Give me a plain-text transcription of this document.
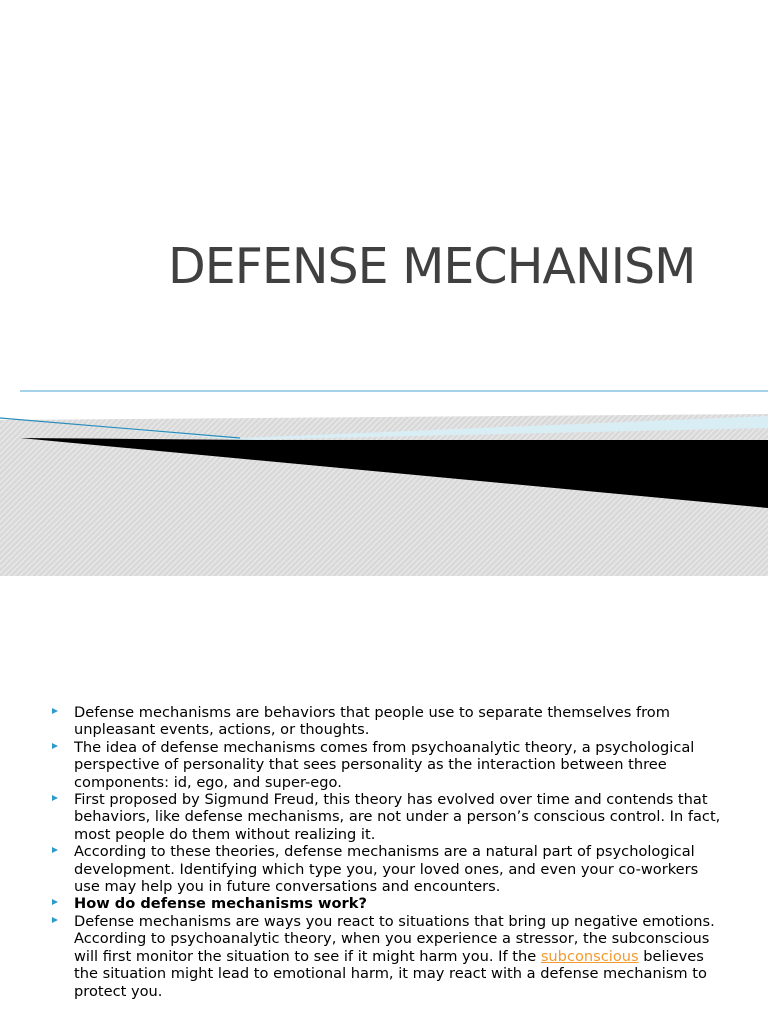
DEFENSE MECHANISM
Defense mechanisms are behaviors that people use to separate themselves from unpleasant events, actions, or thoughts.
The idea of defense mechanisms comes from psychoanalytic theory, a psychological perspective of personality that sees personality as the interaction between three components: id, ego, and super-ego.
First proposed by Sigmund Freud, this theory has evolved over time and contends that behaviors, like defense mechanisms, are not under a person’s conscious control. In fact, most people do them without realizing it.
According to these theories, defense mechanisms are a natural part of psychological development. Identifying which type you, your loved ones, and even your co-workers use may help you in future conversations and encounters.
How do defense mechanisms work?
Defense mechanisms are ways you react to situations that bring up negative emotions. According to psychoanalytic theory, when you experience a stressor, the subconscious will first monitor the situation to see if it might harm you. If the subconscious believes the situation might lead to emotional harm, it may react with a defense mechanism to protect you.
